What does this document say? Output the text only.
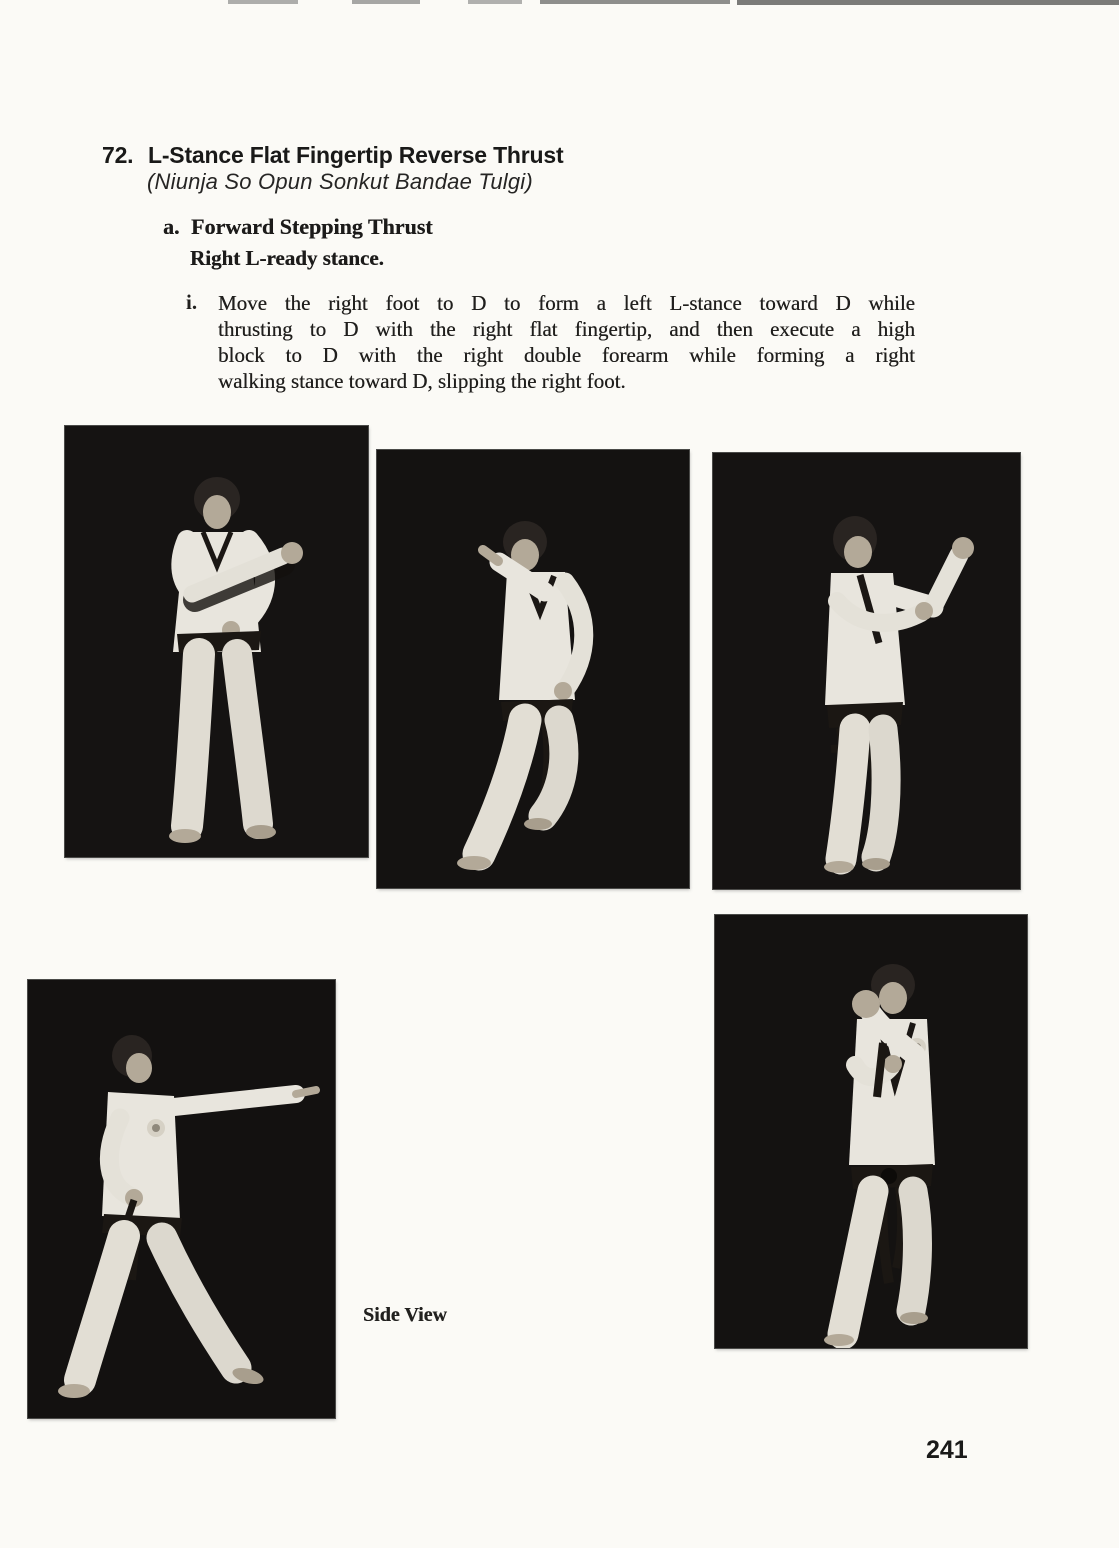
72. L-Stance Flat Fingertip Reverse Thrust
(Niunja So Opun Sonkut Bandae Tulgi)
a. Forward Stepping Thrust
Right L-ready stance.
i. Move the right foot to D to form a left L-stance toward D while
thrusting to D with the right flat fingertip, and then execute a high
block to D with the right double forearm while forming a right
walking stance toward D, slipping the right foot.
Side View
241
